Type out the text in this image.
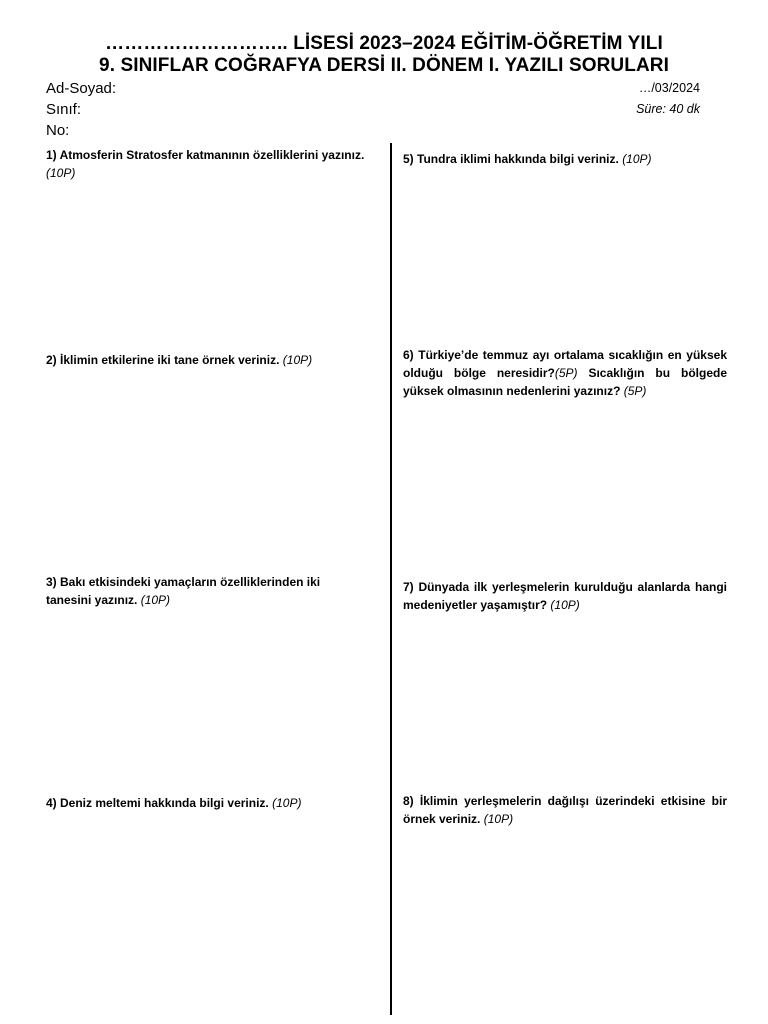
……………………….. LİSESİ 2023–2024 EĞİTİM-ÖĞRETİM YILI
9. SINIFLAR COĞRAFYA DERSİ II. DÖNEM I. YAZILI SORULARI
Ad-Soyad:
Sınıf:
No:
…/03/2024
Süre: 40 dk
1) Atmosferin Stratosfer katmanının özelliklerini yazınız. (10P)
2) İklimin etkilerine iki tane örnek veriniz. (10P)
3) Bakı etkisindeki yamaçların özelliklerinden iki tanesini yazınız. (10P)
4) Deniz meltemi hakkında bilgi veriniz. (10P)
5) Tundra iklimi hakkında bilgi veriniz. (10P)
6) Türkiye’de temmuz ayı ortalama sıcaklığın en yüksek olduğu bölge neresidir?(5P) Sıcaklığın bu bölgede yüksek olmasının nedenlerini yazınız? (5P)
7) Dünyada ilk yerleşmelerin kurulduğu alanlarda hangi medeniyetler yaşamıştır? (10P)
8) İklimin yerleşmelerin dağılışı üzerindeki etkisine bir örnek veriniz. (10P)
